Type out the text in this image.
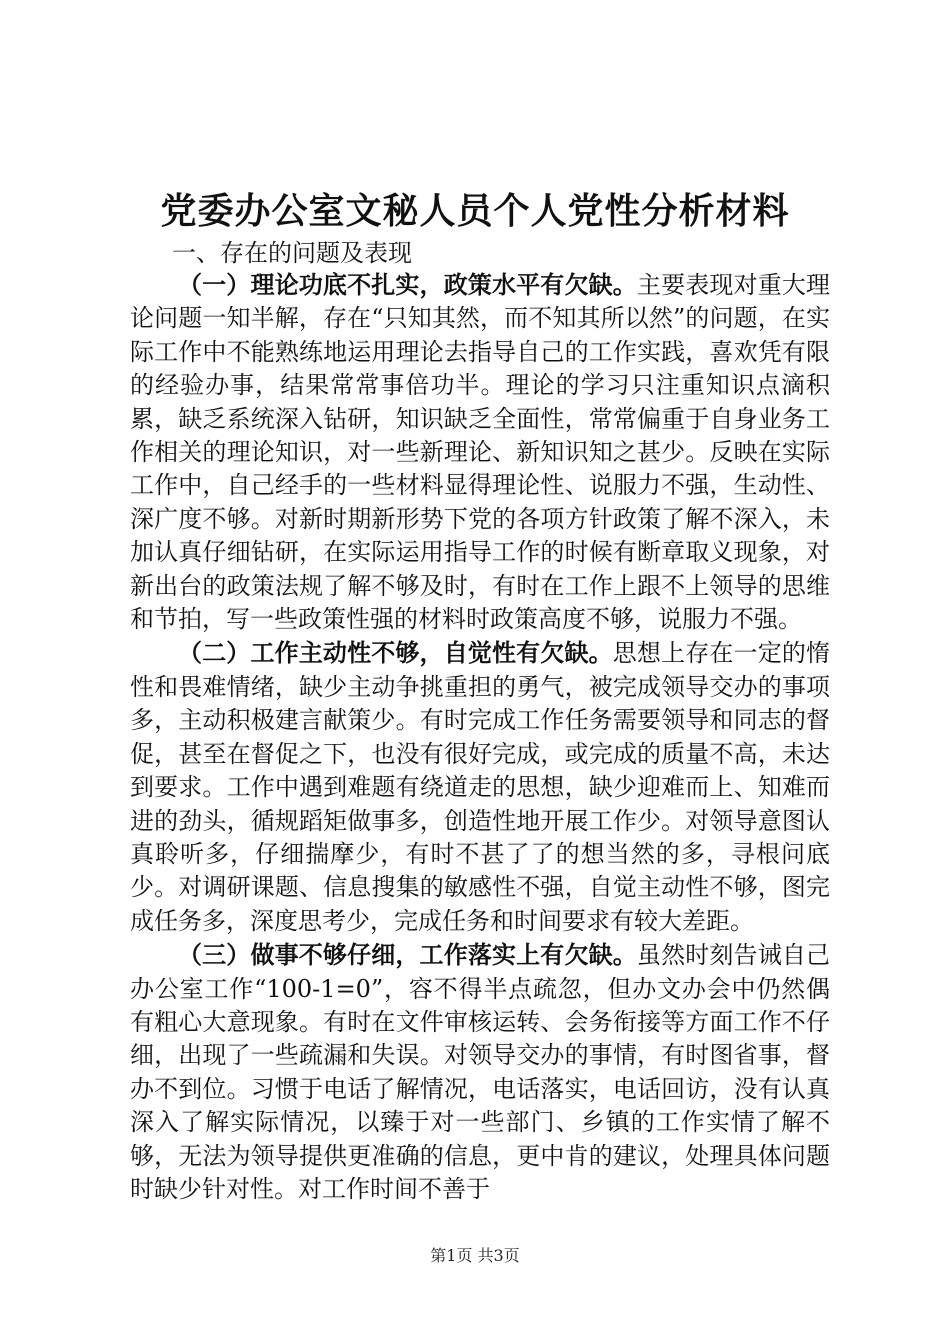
党委办公室文秘人员个人党性分析材料
一、存在的问题及表现

（一）理论功底不扎实，政策水平有欠缺。主要表现对重大理论问题一知半解，存在“只知其然，而不知其所以然”的问题，在实际工作中不能熟练地运用理论去指导自己的工作实践，喜欢凭有限的经验办事，结果常常事倍功半。理论的学习只注重知识点滴积累，缺乏系统深入钻研，知识缺乏全面性，常常偏重于自身业务工作相关的理论知识，对一些新理论、新知识知之甚少。反映在实际工作中，自己经手的一些材料显得理论性、说服力不强，生动性、深广度不够。对新时期新形势下党的各项方针政策了解不深入，未加认真仔细钻研，在实际运用指导工作的时候有断章取义现象，对新出台的政策法规了解不够及时，有时在工作上跟不上领导的思维和节拍，写一些政策性强的材料时政策高度不够，说服力不强。

（二）工作主动性不够，自觉性有欠缺。思想上存在一定的惰性和畏难情绪，缺少主动争挑重担的勇气，被完成领导交办的事项多，主动积极建言献策少。有时完成工作任务需要领导和同志的督促，甚至在督促之下，也没有很好完成，或完成的质量不高，未达到要求。工作中遇到难题有绕道走的思想，缺少迎难而上、知难而进的劲头，循规蹈矩做事多，创造性地开展工作少。对领导意图认真聆听多，仔细揣摩少，有时不甚了了的想当然的多，寻根问底少。对调研课题、信息搜集的敏感性不强，自觉主动性不够，图完成任务多，深度思考少，完成任务和时间要求有较大差距。

（三）做事不够仔细，工作落实上有欠缺。虽然时刻告诫自己办公室工作“100-1=0”，容不得半点疏忽，但办文办会中仍然偶有粗心大意现象。有时在文件审核运转、会务衔接等方面工作不仔细，出现了一些疏漏和失误。对领导交办的事情，有时图省事，督办不到位。习惯于电话了解情况，电话落实，电话回访，没有认真深入了解实际情况，以臻于对一些部门、乡镇的工作实情了解不够，无法为领导提供更准确的信息，更中肯的建议，处理具体问题时缺少针对性。对工作时间不善于

第1页 共3页
